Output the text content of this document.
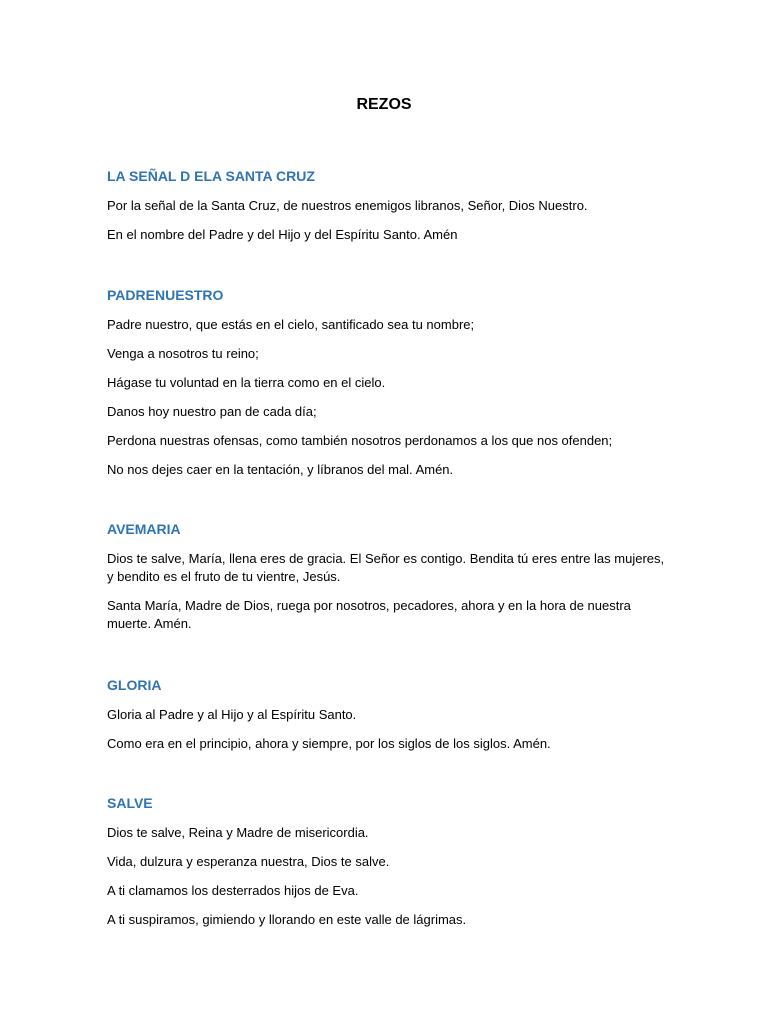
REZOS
LA SEÑAL D ELA SANTA CRUZ

Por la señal de la Santa Cruz, de nuestros enemigos libranos, Señor, Dios Nuestro.

En el nombre del Padre y del Hijo y del Espíritu Santo. Amén

PADRENUESTRO

Padre nuestro, que estás en el cielo, santificado sea tu nombre;

Venga a nosotros tu reino;

Hágase tu voluntad en la tierra como en el cielo.

Danos hoy nuestro pan de cada día;

Perdona nuestras ofensas, como también nosotros perdonamos a los que nos ofenden;

No nos dejes caer en la tentación, y líbranos del mal. Amén.

AVEMARIA

Dios te salve, María, llena eres de gracia. El Señor es contigo. Bendita tú eres entre las mujeres, y bendito es el fruto de tu vientre, Jesús.

Santa María, Madre de Dios, ruega por nosotros, pecadores, ahora y en la hora de nuestra muerte. Amén.

GLORIA

Gloria al Padre y al Hijo y al Espíritu Santo.

Como era en el principio, ahora y siempre, por los siglos de los siglos. Amén.

SALVE

Dios te salve, Reina y Madre de misericordia.

Vida, dulzura y esperanza nuestra, Dios te salve.

A ti clamamos los desterrados hijos de Eva.

A ti suspiramos, gimiendo y llorando en este valle de lágrimas.
